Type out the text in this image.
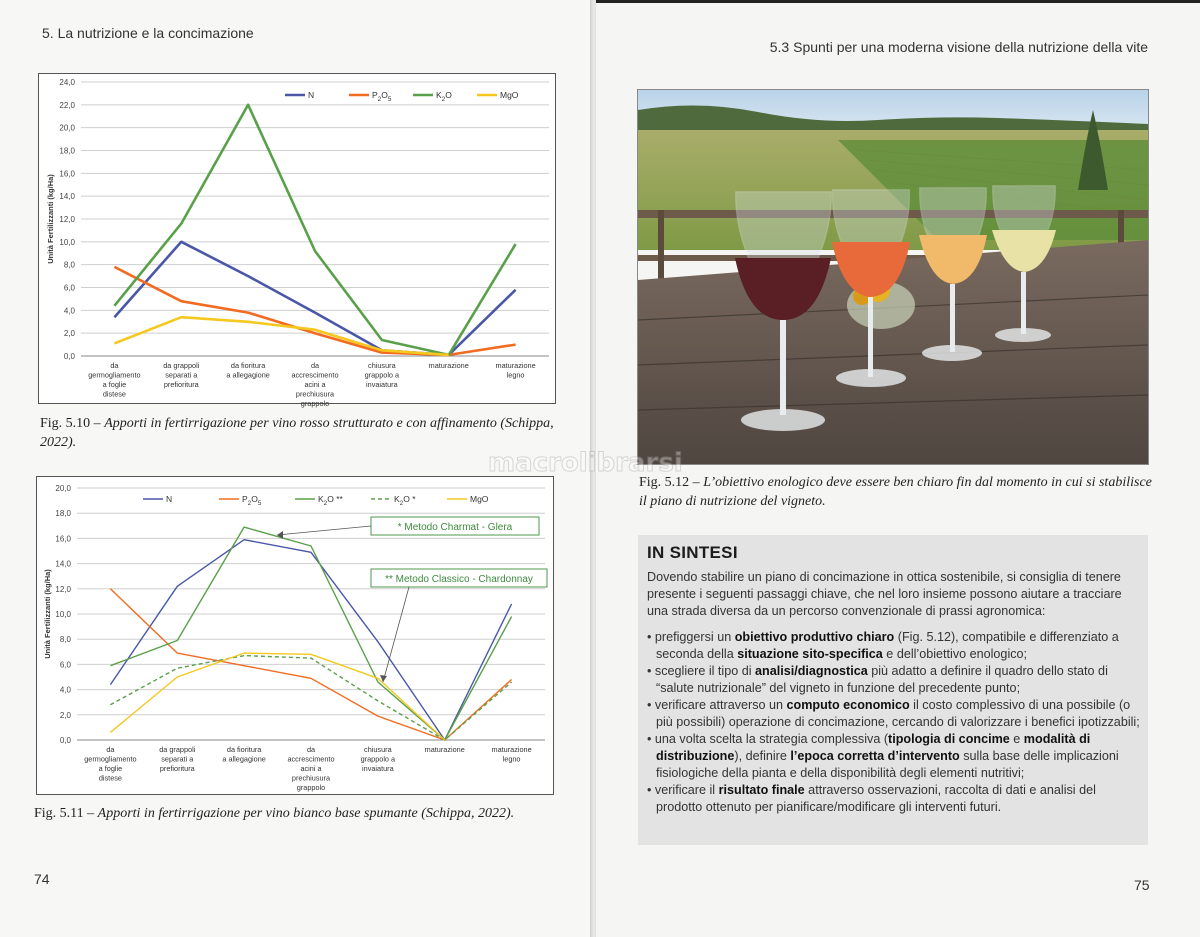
5. La nutrizione e la concimazione
0,0
2,0
4,0
6,0
8,0
10,0
12,0
14,0
16,0
18,0
20,0
22,0
24,0
Unità Fertilizzanti (kg/Ha)
da germogliamento a foglie distese
da grappoli separati a prefioritura
da fioritura a allegagione
da accrescimento acini a prechiusura grappolo
chiusura grappolo a invaiatura
maturazione	maturazione legno
N	$P_2O_5$	$K_2O$	MgO
Fig. 5.10 – Apporti in fertirrigazione per vino rosso strutturato e con affinamento (Schippa, 2022).
0,0
2,0
4,0
6,0
8,0
10,0
12,0
14,0
16,0
18,0
20,0
Unità Fertilizzanti (kg/Ha)
da germogliamento a foglie distese
da grappoli separati a prefioritura
da fioritura a allegagione
da accrescimento acini a prechiusura grappolo
chiusura grappolo a invaiatura
maturazione	maturazione legno
N	$P_2O_5$	$K_2O$ **	$K_2O$ *	MgO
* Metodo Charmat - Glera
** Metodo Classico - Chardonnay
Fig. 5.11 – Apporti in fertirrigazione per vino bianco base spumante (Schippa, 2022).
74
5.3 Spunti per una moderna visione della nutrizione della vite
Fig. 5.12 – L’obiettivo enologico deve essere ben chiaro fin dal momento in cui si stabilisce il piano di nutrizione del vigneto.
IN SINTESI

Dovendo stabilire un piano di concimazione in ottica sostenibile, si consiglia di tenere presente i seguenti passaggi chiave, che nel loro insieme possono aiutare a tracciare una strada diversa da un percorso convenzionale di prassi agronomica:

• prefiggersi un obiettivo produttivo chiaro (Fig. 5.12), compatibile e differenziato a seconda della situazione sito-specifica e dell’obiettivo enologico;
• scegliere il tipo di analisi/diagnostica più adatto a definire il quadro dello stato di “salute nutrizionale” del vigneto in funzione del precedente punto;
• verificare attraverso un computo economico il costo complessivo di una possibile (o più possibili) operazione di concimazione, cercando di valorizzare i benefici ipotizzabili;
• una volta scelta la strategia complessiva (tipologia di concime e modalità di distribuzione), definire l’epoca corretta d’intervento sulla base delle implicazioni fisiologiche della pianta e della disponibilità degli elementi nutritivi;
• verificare il risultato finale attraverso osservazioni, raccolta di dati e analisi del prodotto ottenuto per pianificare/modificare gli interventi futuri.
75
macrolibrarsi
